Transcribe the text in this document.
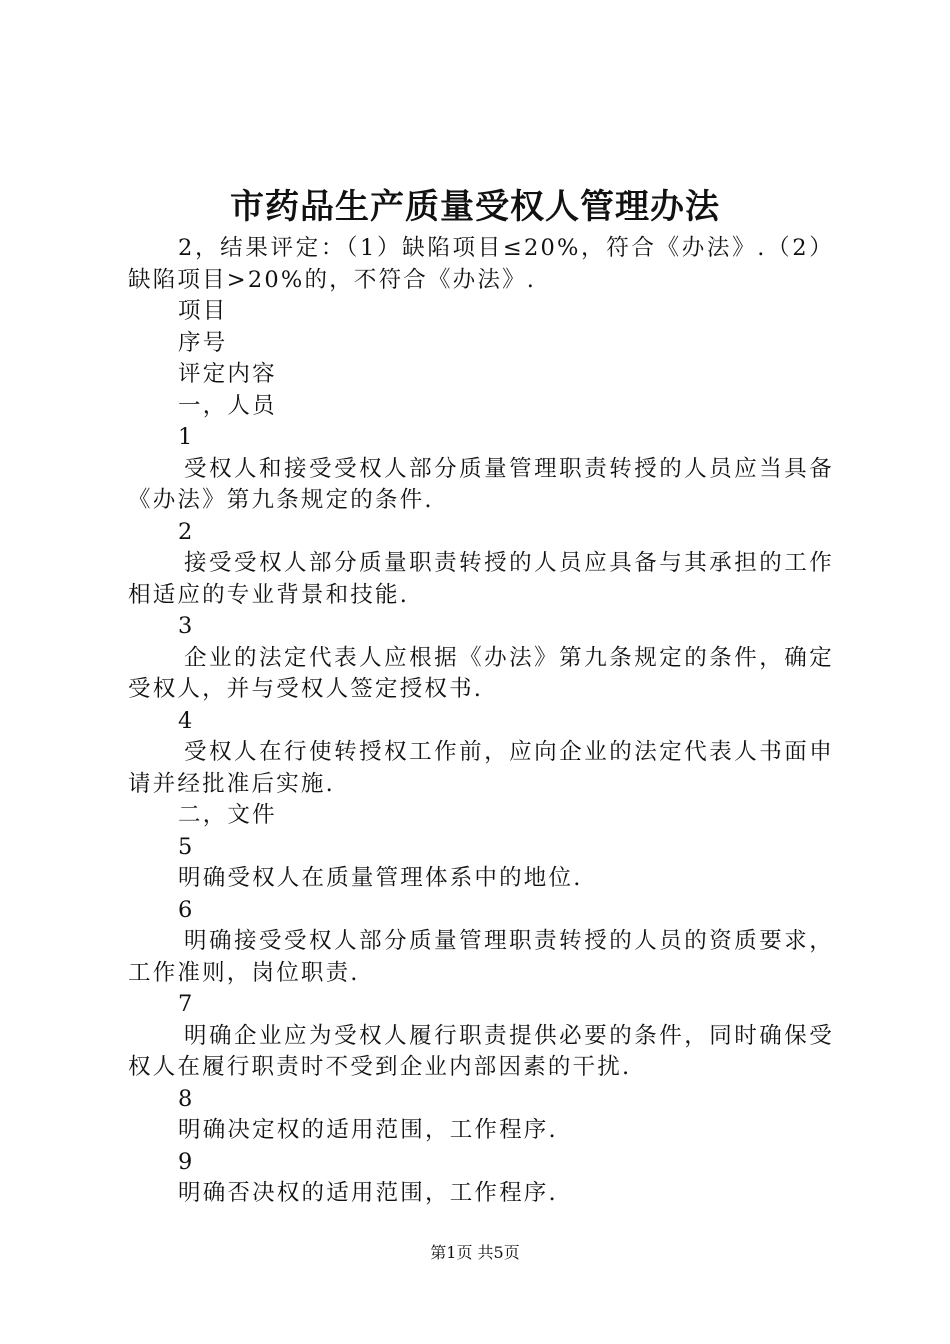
市药品生产质量受权人管理办法

2，结果评定：（1）缺陷项目≤20%，符合《办法》.（2）缺陷项目>20%的，不符合《办法》.

项目

序号

评定内容

一，人员

1

受权人和接受受权人部分质量管理职责转授的人员应当具备《办法》第九条规定的条件.

2

接受受权人部分质量职责转授的人员应具备与其承担的工作相适应的专业背景和技能.

3

企业的法定代表人应根据《办法》第九条规定的条件，确定受权人，并与受权人签定授权书.

4

受权人在行使转授权工作前，应向企业的法定代表人书面申请并经批准后实施.

二，文件

5

明确受权人在质量管理体系中的地位.

6

明确接受受权人部分质量管理职责转授的人员的资质要求，工作准则，岗位职责.

7

明确企业应为受权人履行职责提供必要的条件，同时确保受权人在履行职责时不受到企业内部因素的干扰.

8

明确决定权的适用范围，工作程序.

9

明确否决权的适用范围，工作程序.

第1页 共5页
